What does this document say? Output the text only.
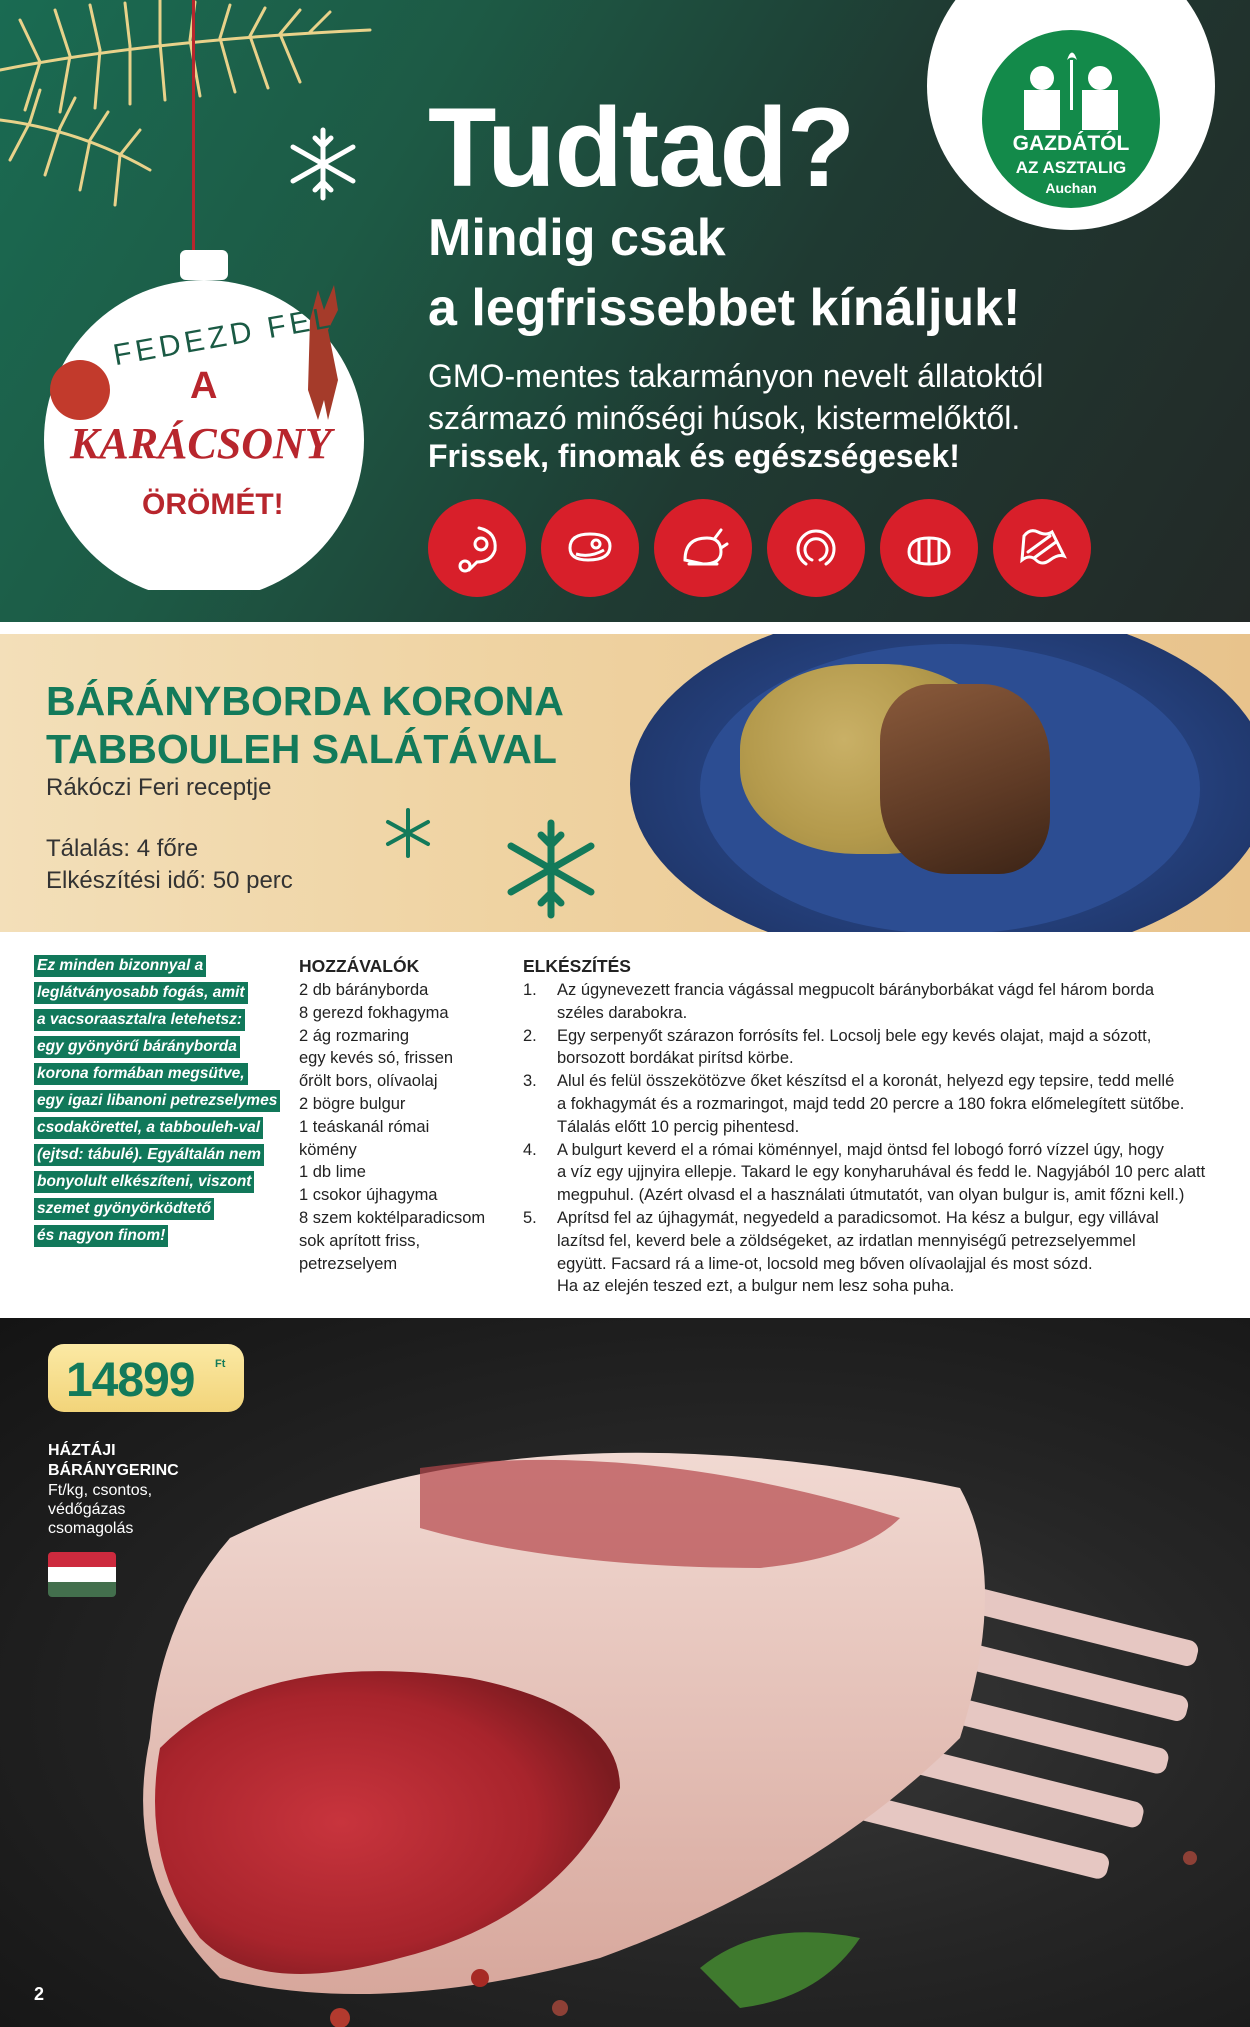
FEDEZD FEL
A
KARÁCSONY
ÖRÖMÉT!
Tudtad?
Mindig csak
a legfrissebbet kínáljuk!
GMO-mentes takarmányon nevelt állatoktól
származó minőségi húsok, kistermelőktől.
Frissek, finomak és egészségesek!
GAZDÁTÓL
AZ ASZTALIG
Auchan
BÁRÁNYBORDA KORONA
TABBOULEH SALÁTÁVAL
Rákóczi Feri receptje
Tálalás: 4 főre
Elkészítési idő: 50 perc
Ez minden bizonnyal a
leglátványosabb fogás, amit
a vacsoraasztalra letehetsz:
egy gyönyörű báránybordа
korona formában megsütve,
egy igazi libanoni petrezselymes
csodakörettel, a tabbouleh-val
(ejtsd: tábulé). Egyáltalán nem
bonyolult elkészíteni, viszont
szemet gyönyörködtető
és nagyon finom!
HOZZÁVALÓK
2 db báránybordа
8 gerezd fokhagyma
2 ág rozmaring
egy kevés só, frissen
őrölt bors, olívaolaj
2 bögre bulgur
1 teáskanál római
kömény
1 db lime
1 csokor újhagyma
8 szem koktélparadicsom
sok aprított friss,
petrezselyem
ELKÉSZÍTÉS
1.	Az úgynevezett francia vágással megpucolt bárányborbákat vágd fel három borda
széles darabokra.
2.	Egy serpenyőt szárazon forrósíts fel. Locsolj bele egy kevés olajat, majd a sózott,
borsozott bordákat pirítsd körbe.
3.	Alul és felül összekötözve őket készítsd el a koronát, helyezd egy tepsire, tedd mellé
a fokhagymát és a rozmaringot, majd tedd 20 percre a 180 fokra előmelegített sütőbe.
Tálalás előtt 10 percig pihentesd.
4.	A bulgurt keverd el a római köménnyel, majd öntsd fel lobogó forró vízzel úgy, hogy
a víz egy ujjnyira ellepje. Takard le egy konyharuhával és fedd le. Nagyjából 10 perc alatt
megpuhul. (Azért olvasd el a használati útmutatót, van olyan bulgur is, amit főzni kell.)
5.	Aprítsd fel az újhagymát, negyedeld a paradicsomot. Ha kész a bulgur, egy villával
lazítsd fel, keverd bele a zöldségeket, az irdatlan mennyiségű petrezselyemmel
együtt. Facsard rá a lime-ot, locsold meg bőven olívaolajjal és most sózd.
Ha az elején teszed ezt, a bulgur nem lesz soha puha.
14899 Ft
HÁZTÁJI
BÁRÁNYGERINC
Ft/kg, csontos,
védőgázas
csomagolás
2
